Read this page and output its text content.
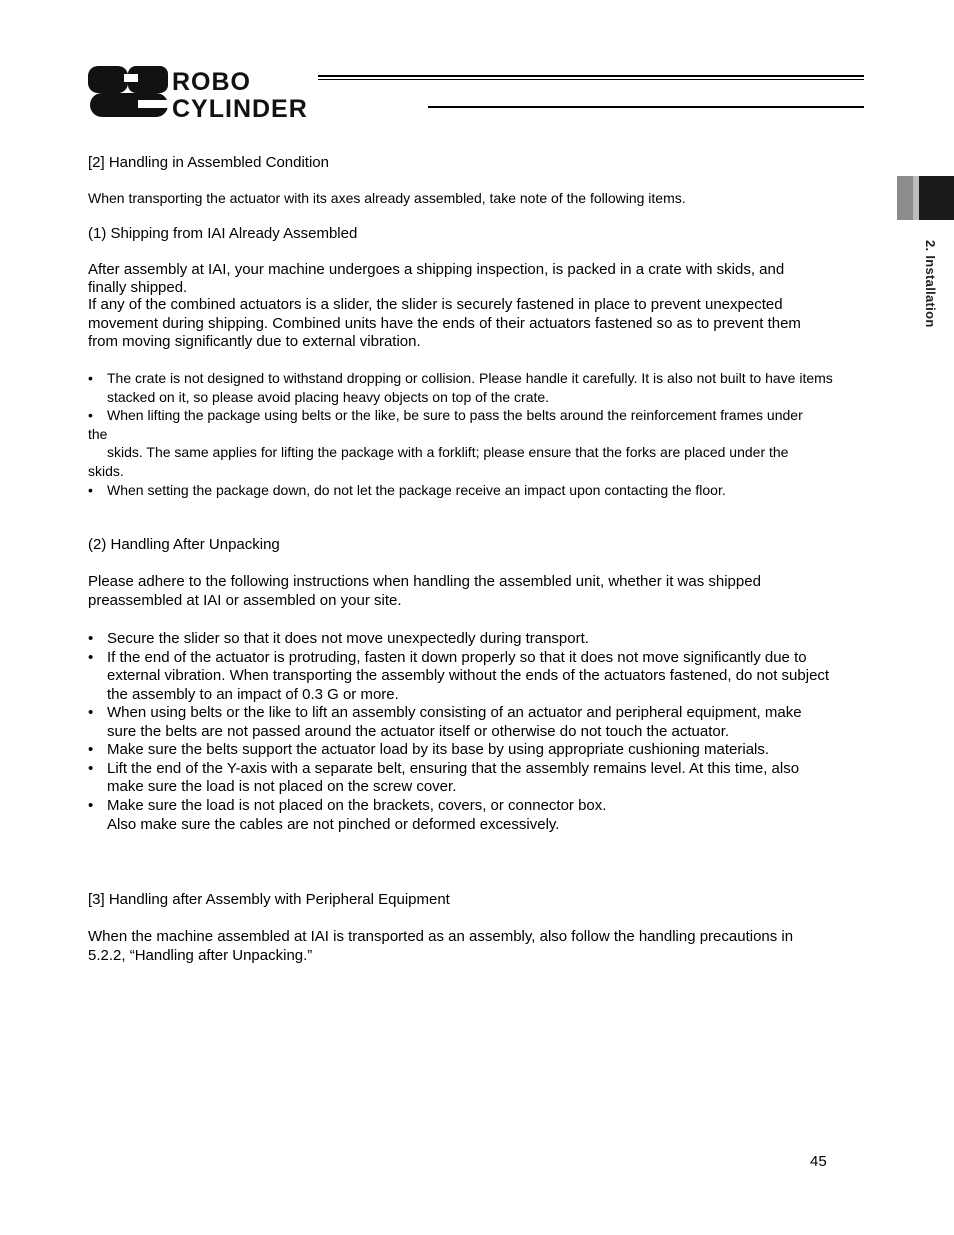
ROBO
CYLINDER
2. Installation
[2] Handling in Assembled Condition
When transporting the actuator with its axes already assembled, take note of the following items.
(1) Shipping from IAI Already Assembled
After assembly at IAI, your machine undergoes a shipping inspection, is packed in a crate with skids, and
finally shipped.
If any of the combined actuators is a slider, the slider is securely fastened in place to prevent unexpected movement during shipping. Combined units have the ends of their actuators fastened so as to prevent them from moving significantly due to external vibration.
• The crate is not designed to withstand dropping or collision. Please handle it carefully. It is also not built to have items stacked on it, so please avoid placing heavy objects on top of the crate.
• When lifting the package using belts or the like, be sure to pass the belts around the reinforcement frames under
the
skids. The same applies for lifting the package with a forklift; please ensure that the forks are placed under the
skids.
• When setting the package down, do not let the package receive an impact upon contacting the floor.
(2) Handling After Unpacking
Please adhere to the following instructions when handling the assembled unit, whether it was shipped preassembled at IAI or assembled on your site.
• Secure the slider so that it does not move unexpectedly during transport.
• If the end of the actuator is protruding, fasten it down properly so that it does not move significantly due to external vibration. When transporting the assembly without the ends of the actuators fastened, do not subject the assembly to an impact of 0.3 G or more.
• When using belts or the like to lift an assembly consisting of an actuator and peripheral equipment, make sure the belts are not passed around the actuator itself or otherwise do not touch the actuator.
• Make sure the belts support the actuator load by its base by using appropriate cushioning materials.
• Lift the end of the Y-axis with a separate belt, ensuring that the assembly remains level. At this time, also make sure the load is not placed on the screw cover.
• Make sure the load is not placed on the brackets, covers, or connector box.
Also make sure the cables are not pinched or deformed excessively.
[3] Handling after Assembly with Peripheral Equipment
When the machine assembled at IAI is transported as an assembly, also follow the handling precautions in 5.2.2, “Handling after Unpacking.”
45
